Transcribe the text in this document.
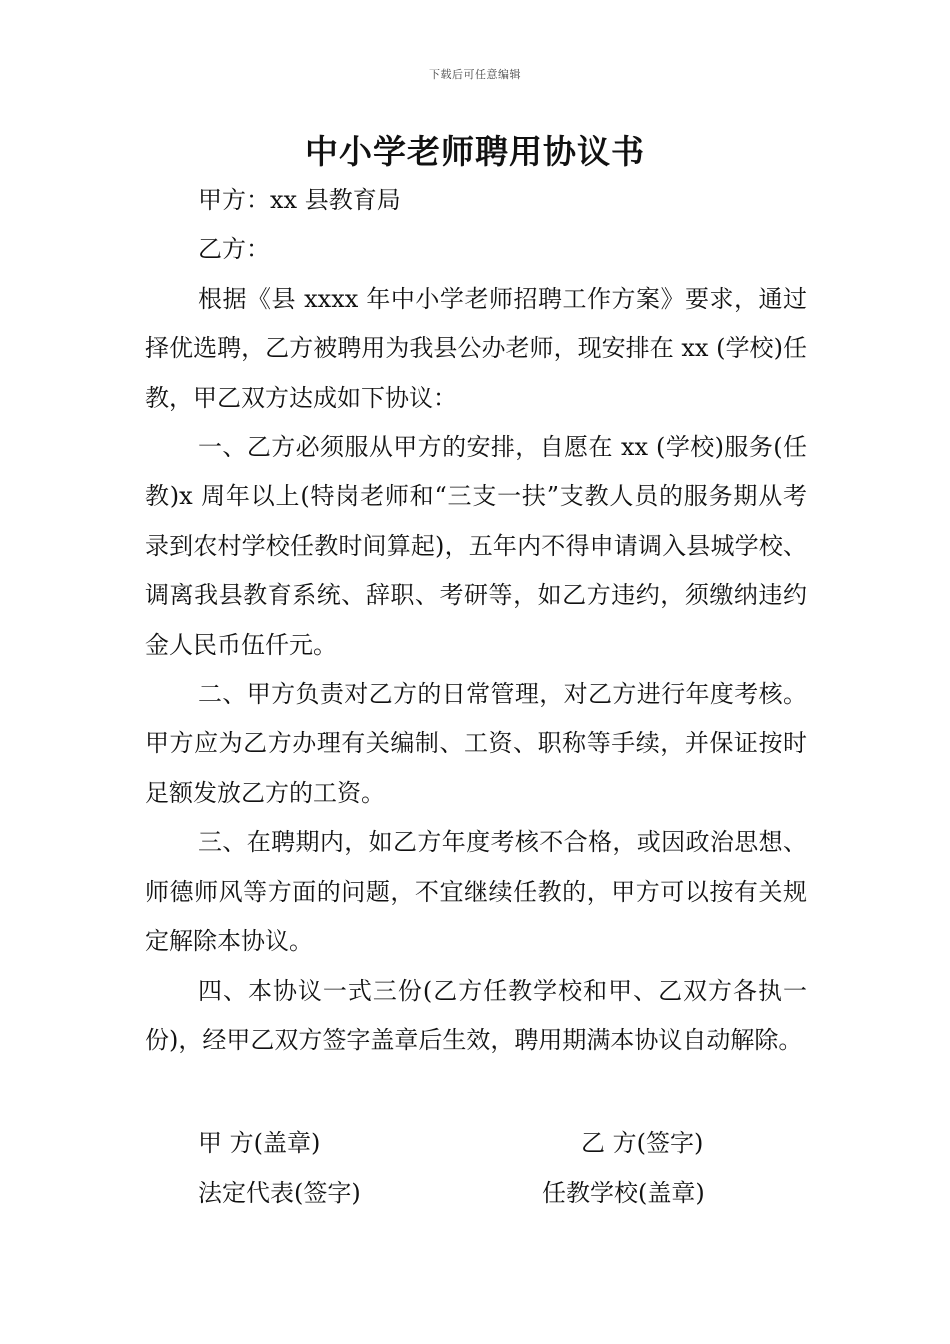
下载后可任意编辑
中小学老师聘用协议书

甲方：xx 县教育局

乙方：

根据《县 xxxx 年中小学老师招聘工作方案》要求，通过择优选聘，乙方被聘用为我县公办老师，现安排在 xx (学校)任教，甲乙双方达成如下协议：

一、乙方必须服从甲方的安排，自愿在 xx (学校)服务(任教)x 周年以上(特岗老师和“三支一扶”支教人员的服务期从考录到农村学校任教时间算起)，五年内不得申请调入县城学校、调离我县教育系统、辞职、考研等，如乙方违约，须缴纳违约金人民币伍仟元。

二、甲方负责对乙方的日常管理，对乙方进行年度考核。甲方应为乙方办理有关编制、工资、职称等手续，并保证按时足额发放乙方的工资。

三、在聘期内，如乙方年度考核不合格，或因政治思想、师德师风等方面的问题，不宜继续任教的，甲方可以按有关规定解除本协议。

四、本协议一式三份(乙方任教学校和甲、乙双方各执一份)，经甲乙双方签字盖章后生效，聘用期满本协议自动解除。

甲 方(盖章)	乙 方(签字)
法定代表(签字)	任教学校(盖章)
